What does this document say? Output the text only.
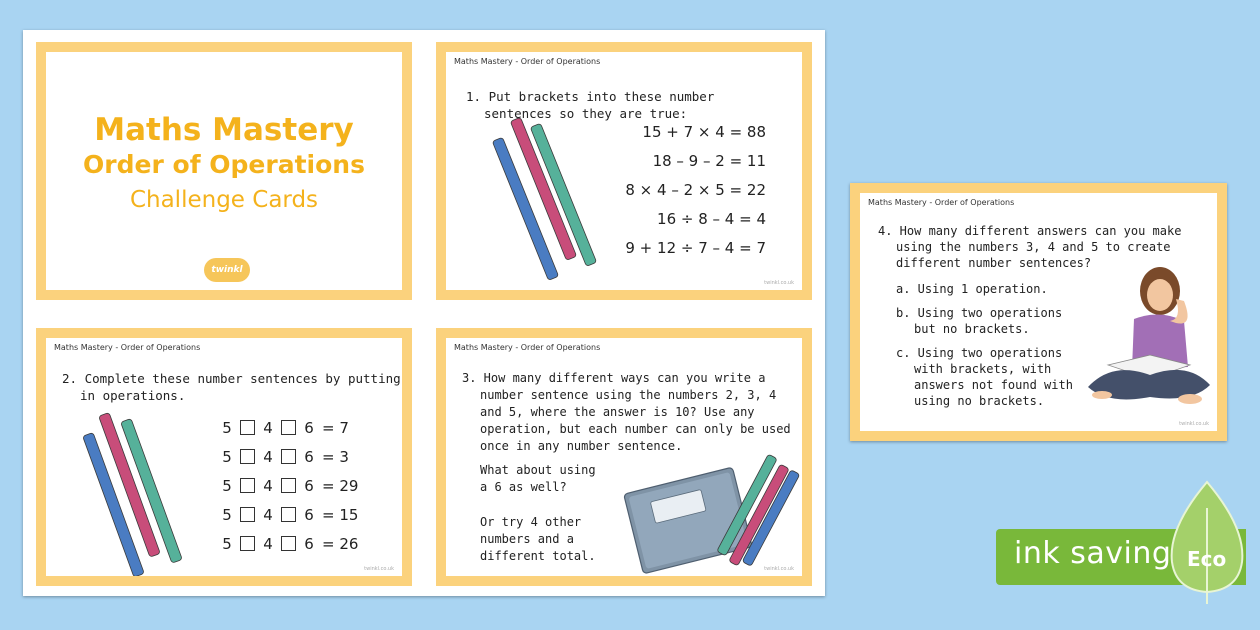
Maths Mastery
Order of Operations
Challenge Cards
twinkl
Maths Mastery - Order of Operations
1. Put brackets into these number
sentences so they are true:
15 + 7 × 4 = 88
18 – 9 – 2 = 11
8 × 4 – 2 × 5 = 22
16 ÷ 8 – 4 = 4
9 + 12 ÷ 7 – 4 = 7
twinkl.co.uk
Maths Mastery - Order of Operations
2. Complete these number sentences by putting
in operations.
5 4 6 = 7
5 4 6 = 3
5 4 6 = 29
5 4 6 = 15
5 4 6 = 26
twinkl.co.uk
Maths Mastery - Order of Operations
3. How many different ways can you write a
number sentence using the numbers 2, 3, 4
and 5, where the answer is 10? Use any
operation, but each number can only be used
once in any number sentence.
What about using
a 6 as well?
Or try 4 other
numbers and a
different total.
twinkl.co.uk
Maths Mastery - Order of Operations
4. How many different answers can you make
using the numbers 3, 4 and 5 to create
different number sentences?
a. Using 1 operation.
b. Using two operations
but no brackets.
c. Using two operations
with brackets, with
answers not found with
using no brackets.
twinkl.co.uk
ink saving Eco
